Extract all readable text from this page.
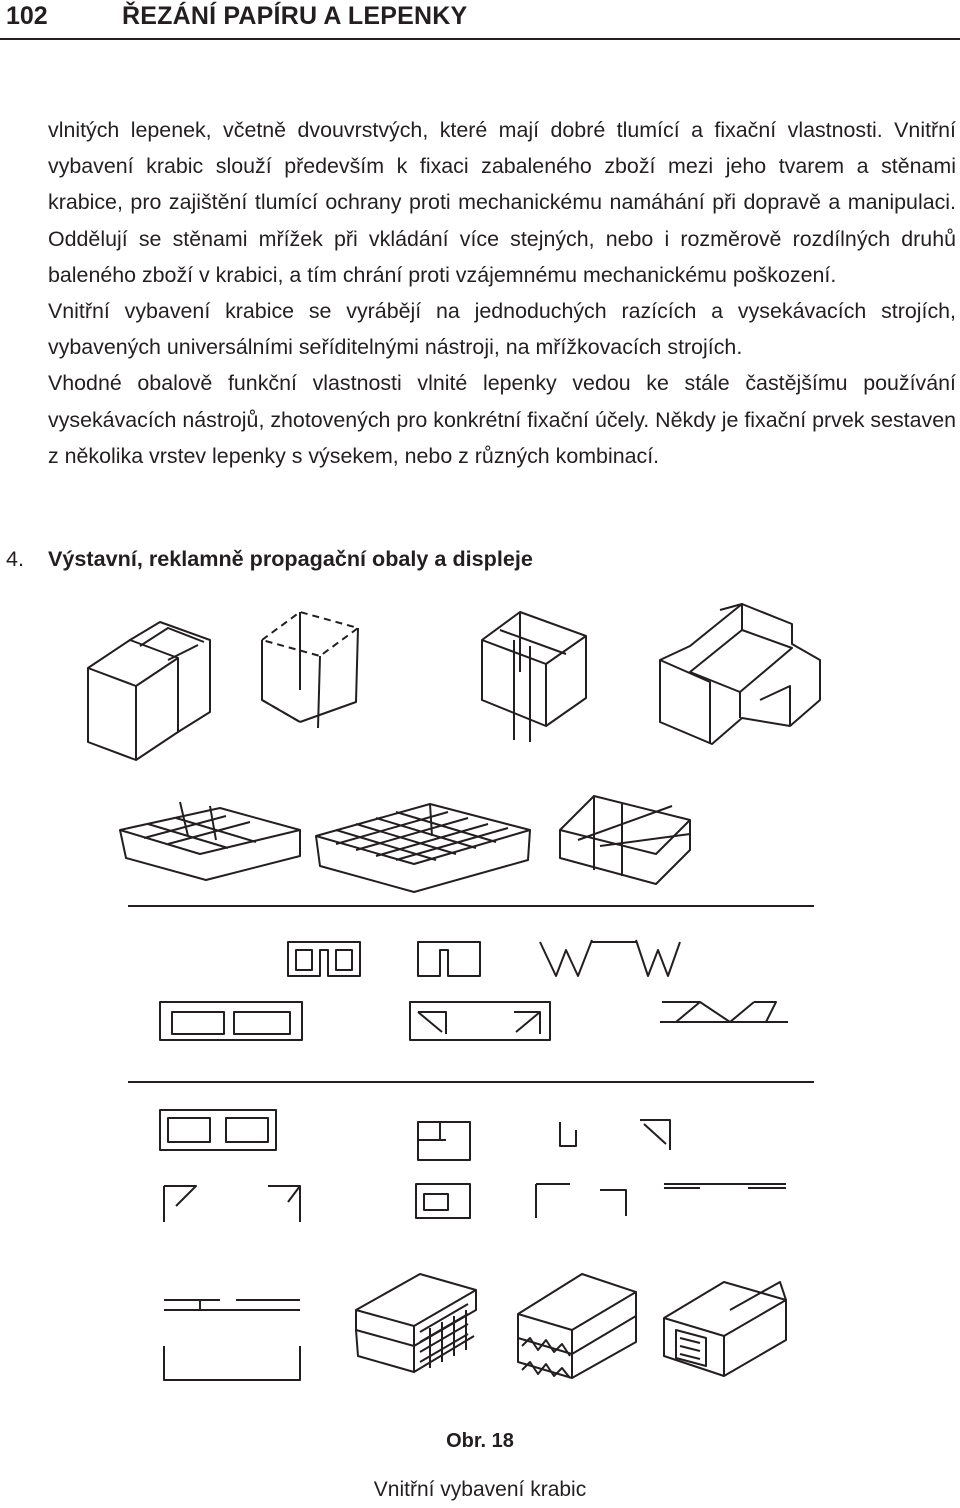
102	ŘEZÁNÍ PAPÍRU A LEPENKY

vlnitých lepenek, včetně dvouvrstvých, které mají dobré tlumící a fixační vlastnosti. Vnitřní vybavení krabic slouží především k fixaci zabaleného zboží mezi jeho tvarem a stěnami krabice, pro zajištění tlumící ochrany proti mechanickému namáhání při dopravě a manipulaci. Oddělují se stěnami mřížek při vkládání více stejných, nebo i rozměrově rozdílných druhů baleného zboží v krabici, a tím chrání proti vzájemnému mechanickému poškození.

Vnitřní vybavení krabice se vyrábějí na jednoduchých razících a vysekávacích strojích, vybavených universálními seříditelnými nástroji, na mřížkovacích strojích.

Vhodné obalově funkční vlastnosti vlnité lepenky vedou ke stále častějšímu používání vysekávacích nástrojů, zhotovených pro konkrétní fixační účely. Někdy je fixační prvek sestaven z několika vrstev lepenky s výsekem, nebo z různých kombinací.

4. Výstavní, reklamně propagační obaly a displeje
Obr. 18
Vnitřní vybavení krabic
